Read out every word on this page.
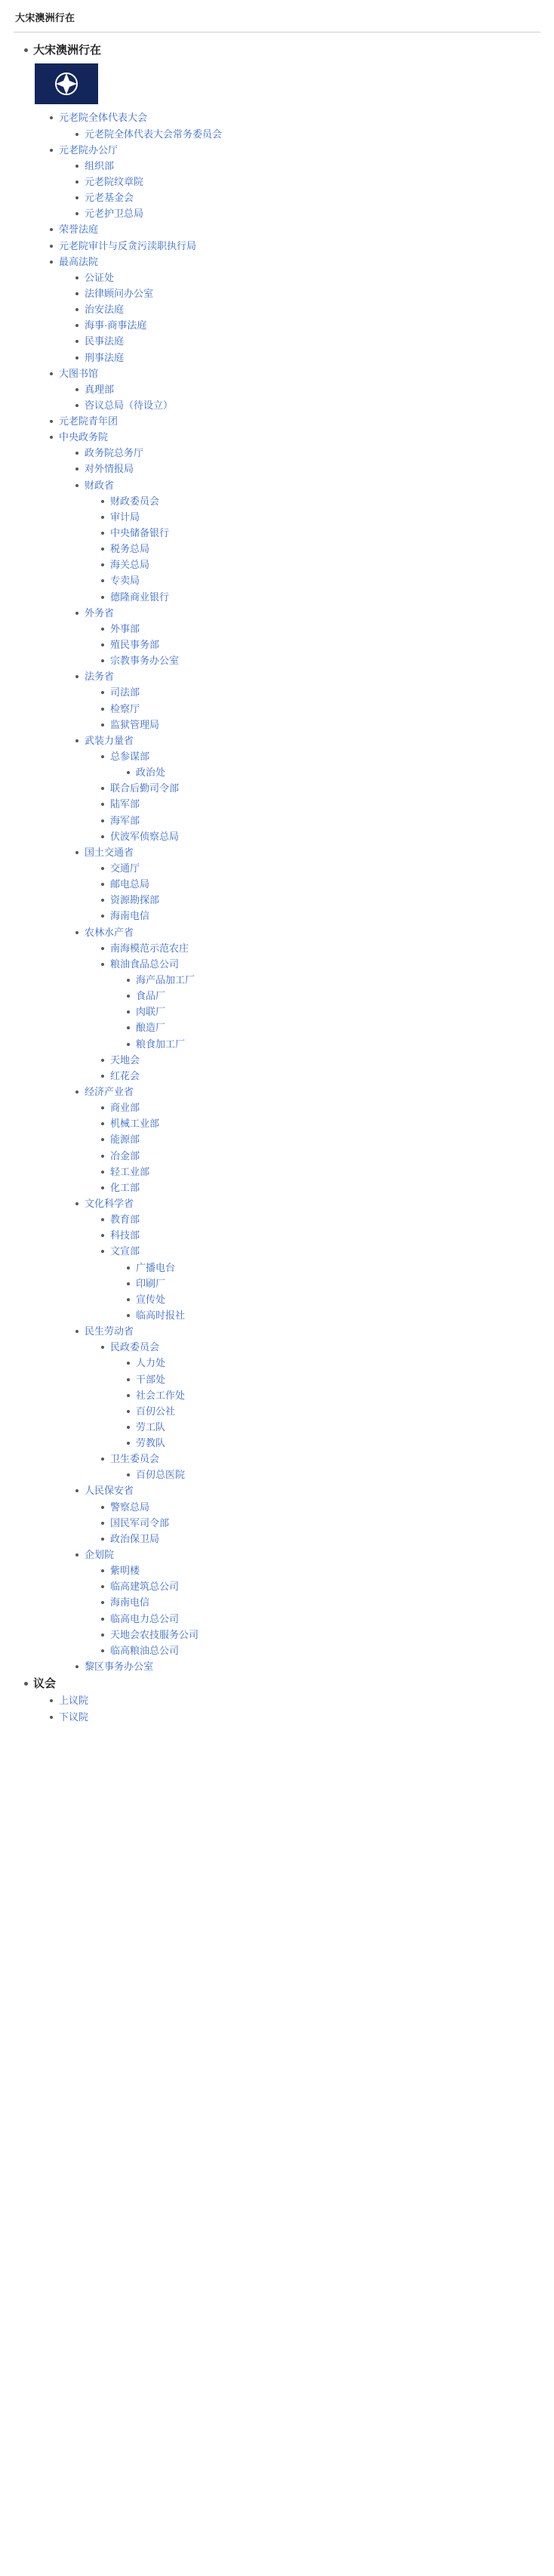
大宋澳洲行在
大宋澳洲行在
元老院全体代表大会
元老院全体代表大会常务委员会
元老院办公厅
组织部
元老院纹章院
元老基金会
元老护卫总局
荣誉法庭
元老院审计与反贪污渎职执行局
最高法院
公证处
法律顾问办公室
治安法庭
海事·商事法庭
民事法庭
刑事法庭
大图书馆
真理部
咨议总局（待设立）
元老院青年团
中央政务院
政务院总务厅
对外情报局
财政省
财政委员会
审计局
中央储备银行
税务总局
海关总局
专卖局
德隆商业银行
外务省
外事部
殖民事务部
宗教事务办公室
法务省
司法部
检察厅
监狱管理局
武装力量省
总参谋部
政治处
联合后勤司令部
陆军部
海军部
伏波军侦察总局
国土交通省
交通厅
邮电总局
资源勘探部
海南电信
农林水产省
南海模范示范农庄
粮油食品总公司
海产品加工厂
食品厂
肉联厂
酿造厂
粮食加工厂
天地会
红花会
经济产业省
商业部
机械工业部
能源部
冶金部
轻工业部
化工部
文化科学省
教育部
科技部
文宣部
广播电台
印刷厂
宣传处
临高时报社
民生劳动省
民政委员会
人力处
干部处
社会工作处
百仞公社
劳工队
劳教队
卫生委员会
百仞总医院
人民保安省
警察总局
国民军司令部
政治保卫局
企划院
紫明楼
临高建筑总公司
海南电信
临高电力总公司
天地会农技服务公司
临高粮油总公司
黎区事务办公室
议会
上议院
下议院
